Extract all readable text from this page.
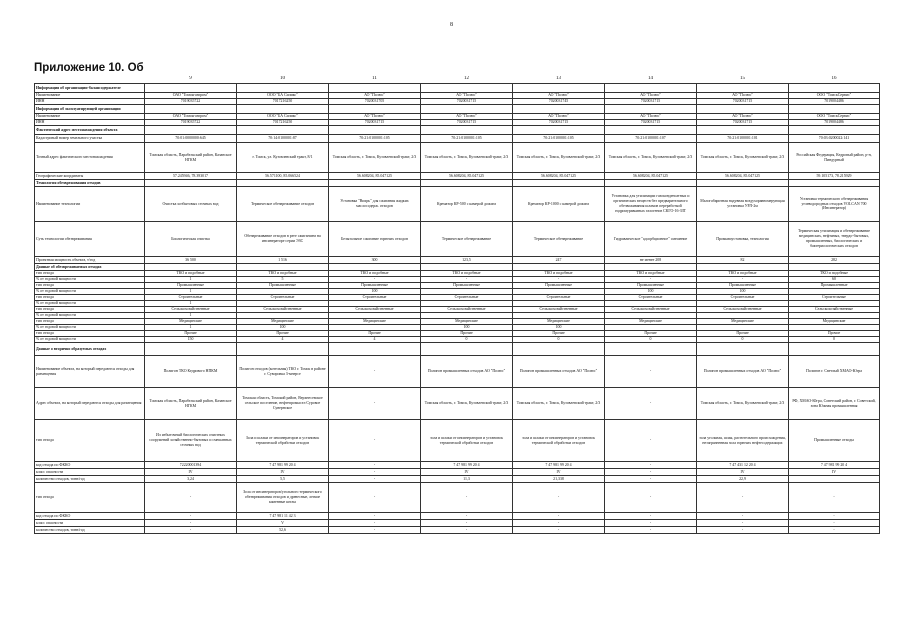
8
Приложение 10. Об
	9	10	11	12	13	14	15	16
Информация об организации-балансодержателе								
Наименование	ОАО "Томскгазпром"	ООО "БА Силикс"	АО "Полюс"	АО "Полюс"	АО "Полюс"	АО "Полюс"	АО "Полюс"	ООО "ТомскСервис"
ИНН	7019035722	7017216250	7020031705	7020031715	7020031745	7020031715	7020031715	7019004486
Информация об эксплуатирующей организации								
Наименование	ОАО "Томскгазпром"	ООО "БА Силикс"	АО "Полюс"	АО "Полюс"	АО "Полюс"	АО "Полюс"	АО "Полюс"	ООО "ТомскСервис"
ИНН	7019035722	7017216250	7020031715	7020031715	7020031715	7020031715	7020031715	7019004486
Фактический адрес местонахождения объекта								
Кадастровый номер земельного участка	70:01:0000000:645	70:14:0100001:87	70:21:0100001:105	70:21:0100001:105	70:21:0100001:105	70:21:0100001:107	70:21:0100001:101	70:03:0200022:141
Точный адрес фактического местонахождения	Томская область, Парабельский район, Казанское НГКМ	г. Томск, ул. Кузовлевский тракт, 8/1	Томская область, г. Томск, Кузовлевский тракт, 2/3	Томская область, г. Томск, Кузовлевский тракт, 2/3	Томская область, г. Томск, Кузовлевский тракт, 2/3	Томская область, г. Томск, Кузовлевский тракт, 2/3	Томская область, г. Томск, Кузовлевский тракт, 2/3	Российская Федерация, Кедровый район, р-н, Пиндурный
Географические координаты	57.245946, 78.393017	56.571100, 85.066524	56.608204, 85.047125	56.608204, 85.047125	56.608204, 85.047125	56.608204, 85.047125	56.608204, 85.047125	59.105173, 78.215929
Технология обезвреживания отходов								
Наименование технологии	Очистка хозбытовых сточных вод	Термическое обезвреживание отходов	Установка "Вихрь" для сжигания жидких маслосодерж. отходов	Крематор КР-500 с камерой дожига	Крематор КР-1000 с камерой дожига	Установка для утилизации газоконденсатных и органических веществ без предварительного обезвоживания шламов переработкой гидромуравьиных галогенов СКГО-16-ЗЗТ	Малогабаритная надувная воздухоравномерующая установка УРЛ-2м	Установка термического обезвреживания углеводородных отходов VOLCAN 700 (Инсинератор)
Суть технологии обезвреживания	Биологическая очистка	Обезвреживание отходов в реге сжиганием на инсинераторе серии ЭЗС	Безызольное сжигание горючих отходов	Термическое обезвреживание	Термическое обезвреживание	Гидравлическое "адсорбционное" смешение	Промывоустановка, технология	Термическая утилизация и обезвреживание медицинских, нефтяных, твердо-бытовых, промышленных, биологических и бактериологических отходов
Проектная мощность объекта, т/год	36 500	1 516	300	123,5	247	не менее 208	82	282
Данные об обезвреживаемых отходах								
тип отхода	ТКО и подобные	ТКО и подобные	ТКО и подобные	ТКО и подобные	ТКО и подобные	ТКО и подобные	ТКО и подобные	ТКО и подобные
% от годовой мощности	1	5	-	-	-	-	-	60
тип отхода	Промышленные	Промышленные	Промышленные	Промышленные	Промышленные	Промышленные	Промышленные	Промышленные
% от годовой мощности	1		100			100	100	
тип отхода	Строительные	Строительные	Строительные	Строительные	Строительные	Строительные	Строительные	Строительные
% от годовой мощности	1							
тип отхода	Сельскохозяйственные	Сельскохозяйственные	Сельскохозяйственные	Сельскохозяйственные	Сельскохозяйственные	Сельскохозяйственные	Сельскохозяйственные	Сельскохозяйственные
% от годовой мощности	1							
тип отхода	Медицинские	Медицинские	Медицинские	Медицинские	Медицинские	Медицинские	Медицинские	Медицинские
% от годовой мощности	1	100		100	100			
тип отхода	Прочие	Прочие	Прочие	Прочие	Прочие	Прочие	Прочие	Прочие
% от годовой мощности	150	4	4	0	0	0	0	0
Данные о вторично образуемых отходах								
Наименование объекта, на который передаются отходы для размещения	Полигон ТКО Кедрового НПКМ	Полигон отходов (котельная) ТКО г. Томск в районе г. Суворовка 3-мнерсе	-	Полигон промышленных отходов АО "Полюс"	Полигон промышленных отходов АО "Полюс"	-	Полигон промышленных отходов АО "Полюс"	Полигон г. Светлый ХМАО-Югра
Адрес объекта, на который передаются отходы для размещения	Томская область, Парабельский район, Казанское НГКМ	Томская область, Томский район, Верхнесевское сельское поселение, нефтепромысел Суровое Сувернское	-	Томская область, г. Томск, Кузовлевский тракт, 2/3	Томская область, г. Томск, Кузовлевский тракт, 2/3	-	Томская область, г. Томск, Кузовлевский тракт, 2/3	РФ, ХМАО-Югра, Советский район, г. Советский, зона Южная промышленная
тип отхода	Ил избыточный биологических очистных сооружений хозяйственно-бытовых и смешанных сточных вод	Зола и шлаки от инсинераторов и установок термической обработки отходов	-	зола и шлаки от инсинераторов и установок термической обработки отходов	зола и шлаки от инсинераторов и установок термической обработки отходов	-	зола угольная, шлак, растительного происхождения, незагрязненная зола горючих нефтесодержащих	Промышленные отходы
код отхода по ФККО	72220001394	7 47 981 99 20 4	-	7 47 981 99 20 4	7 47 981 99 20 4	-	7 47 431 12 20 4	7 47 981 99 20 4
класс опасности	IV	IV	-	IV	IV	-	IV	IV
количество отходов, тонн/год	3,24	5,5	-	11,3	21,338	-	22,9	
тип отхода	-	Зола от инсинераторов/угольного термического обезвреживания отходов и древесные, легкие каменные котлы	-	-	-	-	-	-
код отхода по ФККО	-	7 47 981 11 42 3	-	-	-	-	-	-
класс опасности	-	V	-	-	-	-	-	-
количество отходов, тонн/год	-	52,6	-	-	-	-	-	-
